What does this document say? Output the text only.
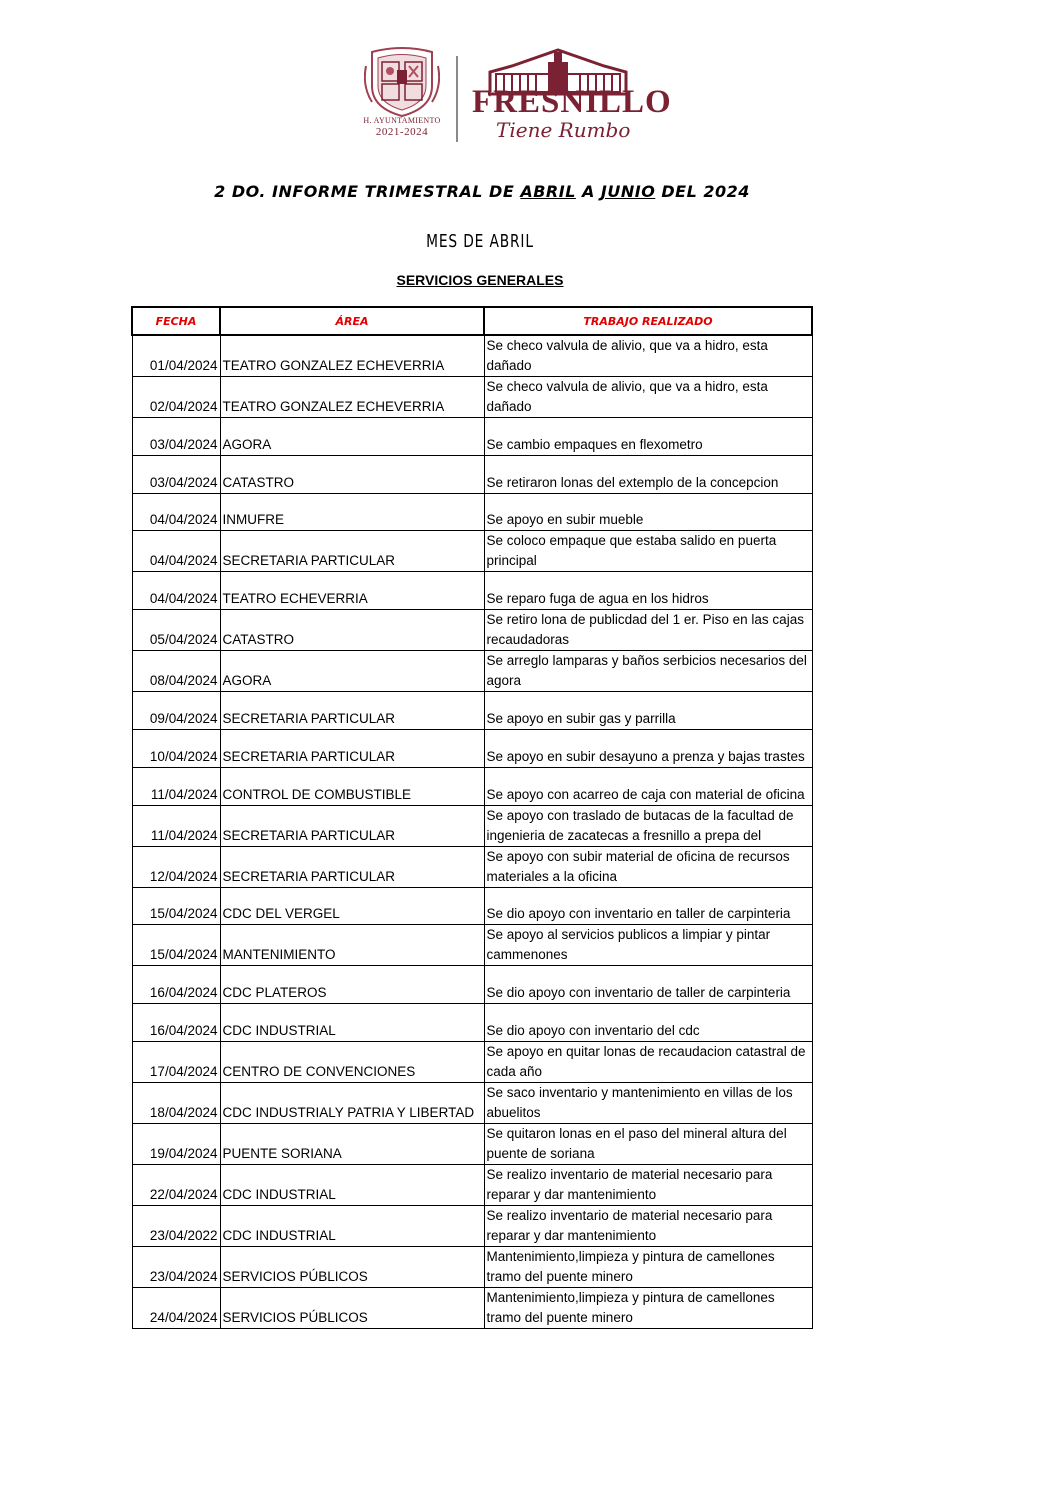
H. AYUNTAMIENTO
2021-2024
FRESNILLO
Tiene Rumbo
2 DO. INFORME TRIMESTRAL DE ABRIL A JUNIO DEL 2024
MES DE ABRIL
SERVICIOS GENERALES
FECHA	ÁREA	TRABAJO REALIZADO
01/04/2024	TEATRO GONZALEZ ECHEVERRIA	Se checo valvula de alivio, que va a hidro, esta dañado
02/04/2024	TEATRO GONZALEZ ECHEVERRIA	Se checo valvula de alivio, que va a hidro, esta dañado
03/04/2024	AGORA	Se cambio empaques en flexometro
03/04/2024	CATASTRO	Se retiraron lonas del extemplo de la concepcion
04/04/2024	INMUFRE	Se apoyo en subir mueble
04/04/2024	SECRETARIA PARTICULAR	Se coloco empaque que estaba salido en puerta principal
04/04/2024	TEATRO ECHEVERRIA	Se reparo fuga de agua en los hidros
05/04/2024	CATASTRO	Se retiro lona de publicdad del 1 er. Piso en las cajas recaudadoras
08/04/2024	AGORA	Se arreglo lamparas y baños serbicios necesarios del agora
09/04/2024	SECRETARIA PARTICULAR	Se apoyo en subir gas y parrilla
10/04/2024	SECRETARIA PARTICULAR	Se apoyo en subir desayuno a prenza y bajas trastes
11/04/2024	CONTROL DE COMBUSTIBLE	Se apoyo con acarreo de caja con material de oficina
11/04/2024	SECRETARIA PARTICULAR	Se apoyo con traslado de butacas de la facultad de ingenieria de zacatecas a fresnillo a prepa del
12/04/2024	SECRETARIA PARTICULAR	Se apoyo con subir material de oficina de recursos materiales a la oficina
15/04/2024	CDC DEL VERGEL	Se dio apoyo con inventario en taller de carpinteria
15/04/2024	MANTENIMIENTO	Se apoyo al servicios publicos a limpiar y pintar cammenones
16/04/2024	CDC PLATEROS	Se dio apoyo con inventario de taller de carpinteria
16/04/2024	CDC INDUSTRIAL	Se dio apoyo con inventario del cdc
17/04/2024	CENTRO DE CONVENCIONES	Se apoyo en quitar lonas de recaudacion catastral de cada año
18/04/2024	CDC INDUSTRIALY PATRIA Y LIBERTAD	Se saco inventario y mantenimiento en villas de los abuelitos
19/04/2024	PUENTE SORIANA	Se quitaron lonas en el paso del mineral altura del puente de soriana
22/04/2024	CDC INDUSTRIAL	Se realizo inventario de material necesario para reparar y dar mantenimiento
23/04/2022	CDC INDUSTRIAL	Se realizo inventario de material necesario para reparar y dar mantenimiento
23/04/2024	SERVICIOS PÚBLICOS	Mantenimiento,limpieza y pintura de camellones tramo del puente minero
24/04/2024	SERVICIOS PÚBLICOS	Mantenimiento,limpieza y pintura de camellones tramo del puente minero
